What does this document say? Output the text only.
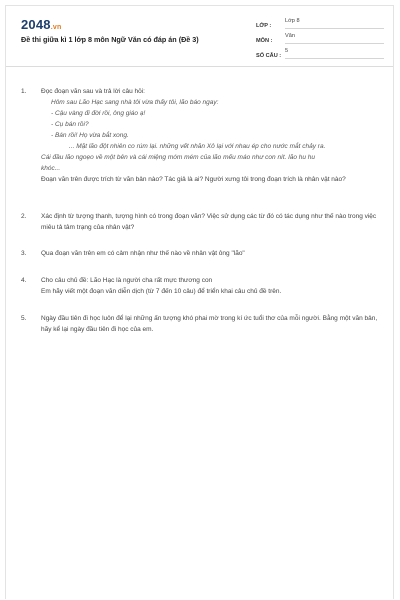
2048.vn
Đề thi giữa kì 1 lớp 8 môn Ngữ Văn có đáp án (Đề 3)
LỚP :
Lớp 8
MÔN :
Văn
SỐ CÂU :
5
1.	Đọc đoạn văn sau và trả lời câu hỏi:
Hôm sau Lão Hạc sang nhà tôi vừa thấy tôi, lão báo ngay:
- Cậu vàng đi đời rồi, ông giáo ạ!
- Cụ bán rồi?
- Bán rồi! Họ vừa bắt xong.
... Mặt lão đột nhiên co rúm lại. những vết nhăn Xô lại với nhau ép cho nước mắt chảy ra.
Cái đầu lão ngoẹo về một bên và cái miệng móm mém của lão mếu máo như con nít. lão hu hu
khóc...
Đoạn văn trên được trích từ văn bản nào? Tác giả là ai? Người xưng tôi trong đoạn trích là nhân vật nào?
2.	Xác định từ tượng thanh, tượng hình có trong đoạn văn? Việc sử dụng các từ đó có tác dụng như thế nào trong việc miêu tả tâm trạng của nhân vật?
3.	Qua đoạn văn trên em có cảm nhận như thế nào về nhân vật ông "lão"
4.	Cho câu chủ đề: Lão Hạc là người cha rất mực thương con
Em hãy viết một đoạn văn diễn dịch (từ 7 đến 10 câu) để triển khai câu chủ đề trên.
5.	Ngày đầu tiên đi học luôn để lại những ấn tượng khó phai mờ trong kí ức tuổi thơ của mỗi người. Bằng một văn bản, hãy kể lại ngày đầu tiên đi học của em.
